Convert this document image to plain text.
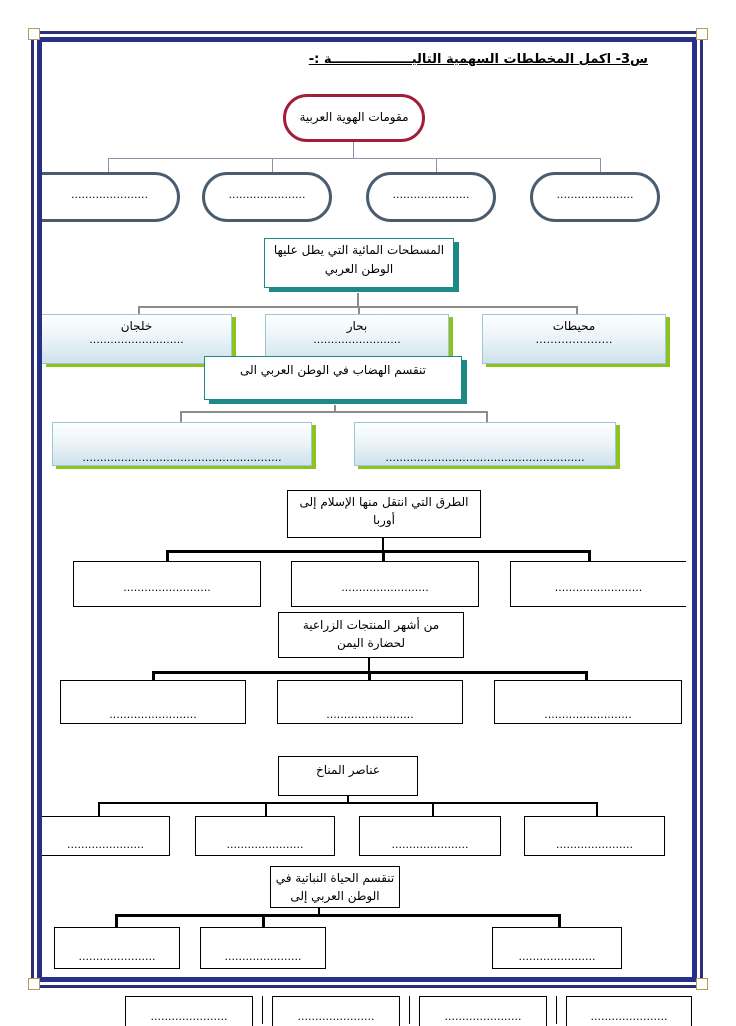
س3- اكمل المخططات السهمية التاليــــــــــــــــــة :-
مقومات الهوية العربية
......................	......................	......................	......................
المسطحات المائية التي يطل عليها الوطن العربي
محيطات
…………………
بحار
.........................
خلجان
...........................
تنقسم الهضاب في الوطن العربي الى
.........................................................	.........................................................
الطرق التي انتقل منها الإسلام إلى أوربا
.........................	.........................	.........................
من أشهر المنتجات الزراعية لحضارة اليمن
.........................	.........................	.........................
عناصر المناخ
......................	......................	......................	......................
تنقسم الحياة النباتية في الوطن العربي إلى
......................	......................	......................
......................	......................	......................	......................
